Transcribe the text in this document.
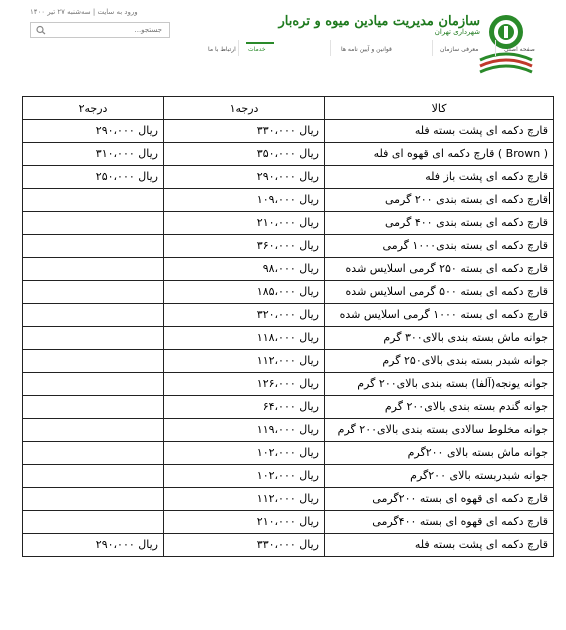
ورود به سایت | سه‌شنبه ۲۷ تیر ۱۴۰۰
جستجو...
سازمان مدیریت میادین میوه و تره‌بار
شهرداری تهران
صفحه اصلی
معرفی سازمان
قوانین و آیین نامه ها
خدمات
ارتباط با ما
کالا	درجه۱	درجه۲
قارچ دکمه ای پشت بسته فله	ریال ۳۳۰،۰۰۰	ریال ۲۹۰،۰۰۰
( Brown ) قارچ دکمه ای قهوه ای فله	ریال ۳۵۰،۰۰۰	ریال ۳۱۰،۰۰۰
قارچ دکمه ای پشت باز فله	ریال ۲۹۰،۰۰۰	ریال ۲۵۰،۰۰۰
قارچ دکمه ای بسته بندی ۲۰۰ گرمی	ریال ۱۰۹،۰۰۰	
قارچ دکمه ای بسته بندی ۴۰۰ گرمی	ریال ۲۱۰،۰۰۰	
قارچ دکمه ای بسته بندی۱۰۰۰ گرمی	ریال ۳۶۰،۰۰۰	
قارچ دکمه ای بسته ۲۵۰ گرمی اسلایس شده	ریال ۹۸،۰۰۰	
قارچ دکمه ای بسته ۵۰۰ گرمی اسلایس شده	ریال ۱۸۵،۰۰۰	
قارچ دکمه ای بسته ۱۰۰۰ گرمی اسلایس شده	ریال ۳۲۰،۰۰۰	
جوانه ماش بسته بندی بالای۳۰۰ گرم	ریال ۱۱۸،۰۰۰	
جوانه شبدر بسته بندی بالای۲۵۰ گرم	ریال ۱۱۲،۰۰۰	
جوانه یونجه(آلفا) بسته بندی بالای۲۰۰ گرم	ریال ۱۲۶،۰۰۰	
جوانه گندم بسته بندی بالای۲۰۰ گرم	ریال ۶۴،۰۰۰	
جوانه مخلوط سالادی بسته بندی بالای۲۰۰ گرم	ریال ۱۱۹،۰۰۰	
جوانه ماش بسته بالای ۲۰۰گرم	ریال ۱۰۲،۰۰۰	
جوانه شبدربسته بالای ۲۰۰گرم	ریال ۱۰۲،۰۰۰	
قارچ دکمه ای قهوه ای بسته ۲۰۰گرمی	ریال ۱۱۲،۰۰۰	
قارچ دکمه ای قهوه ای بسته ۴۰۰گرمی	ریال ۲۱۰،۰۰۰	
قارچ دکمه ای پشت بسته فله	ریال ۳۳۰،۰۰۰	ریال ۲۹۰،۰۰۰
